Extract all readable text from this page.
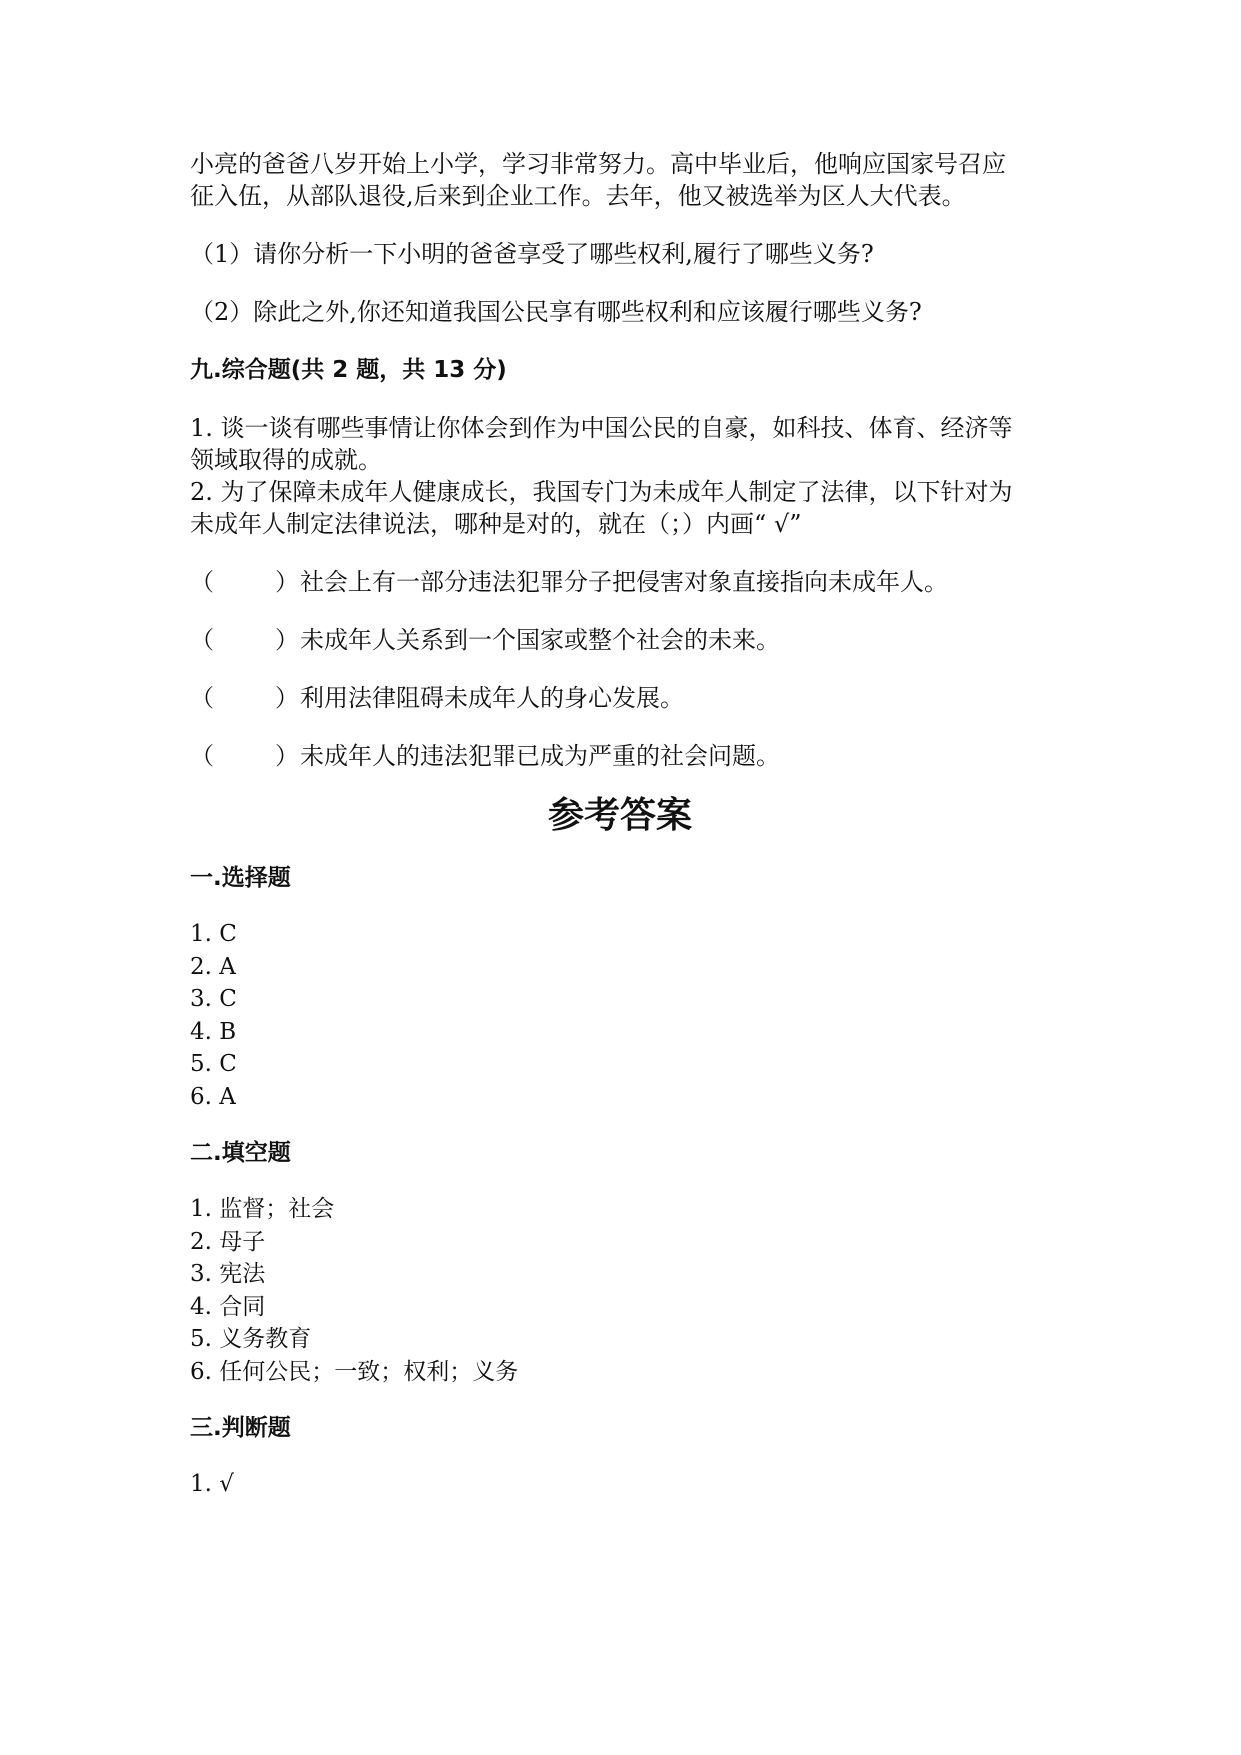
小亮的爸爸八岁开始上小学，学习非常努力。高中毕业后，他响应国家号召应

征入伍，从部队退役,后来到企业工作。去年，他又被选举为区人大代表。

（1）请你分析一下小明的爸爸享受了哪些权利,履行了哪些义务?

（2）除此之外,你还知道我国公民享有哪些权利和应该履行哪些义务?

九.综合题(共 2 题，共 13 分)

1. 谈一谈有哪些事情让你体会到作为中国公民的自豪，如科技、体育、经济等

领域取得的成就。

2. 为了保障未成年人健康成长，我国专门为未成年人制定了法律，以下针对为

未成年人制定法律说法，哪种是对的，就在（；）内画“ √”

（        ） 社会上有一部分违法犯罪分子把侵害对象直接指向未成年人。
（        ） 未成年人关系到一个国家或整个社会的未来。
（        ） 利用法律阻碍未成年人的身心发展。
（        ） 未成年人的违法犯罪已成为严重的社会问题。

参考答案

一.选择题

1. C
2. A
3. C
4. B
5. C
6. A

二.填空题

1. 监督；社会
2. 母子
3. 宪法
4. 合同
5. 义务教育
6. 任何公民；一致；权利；义务

三.判断题

1. √
